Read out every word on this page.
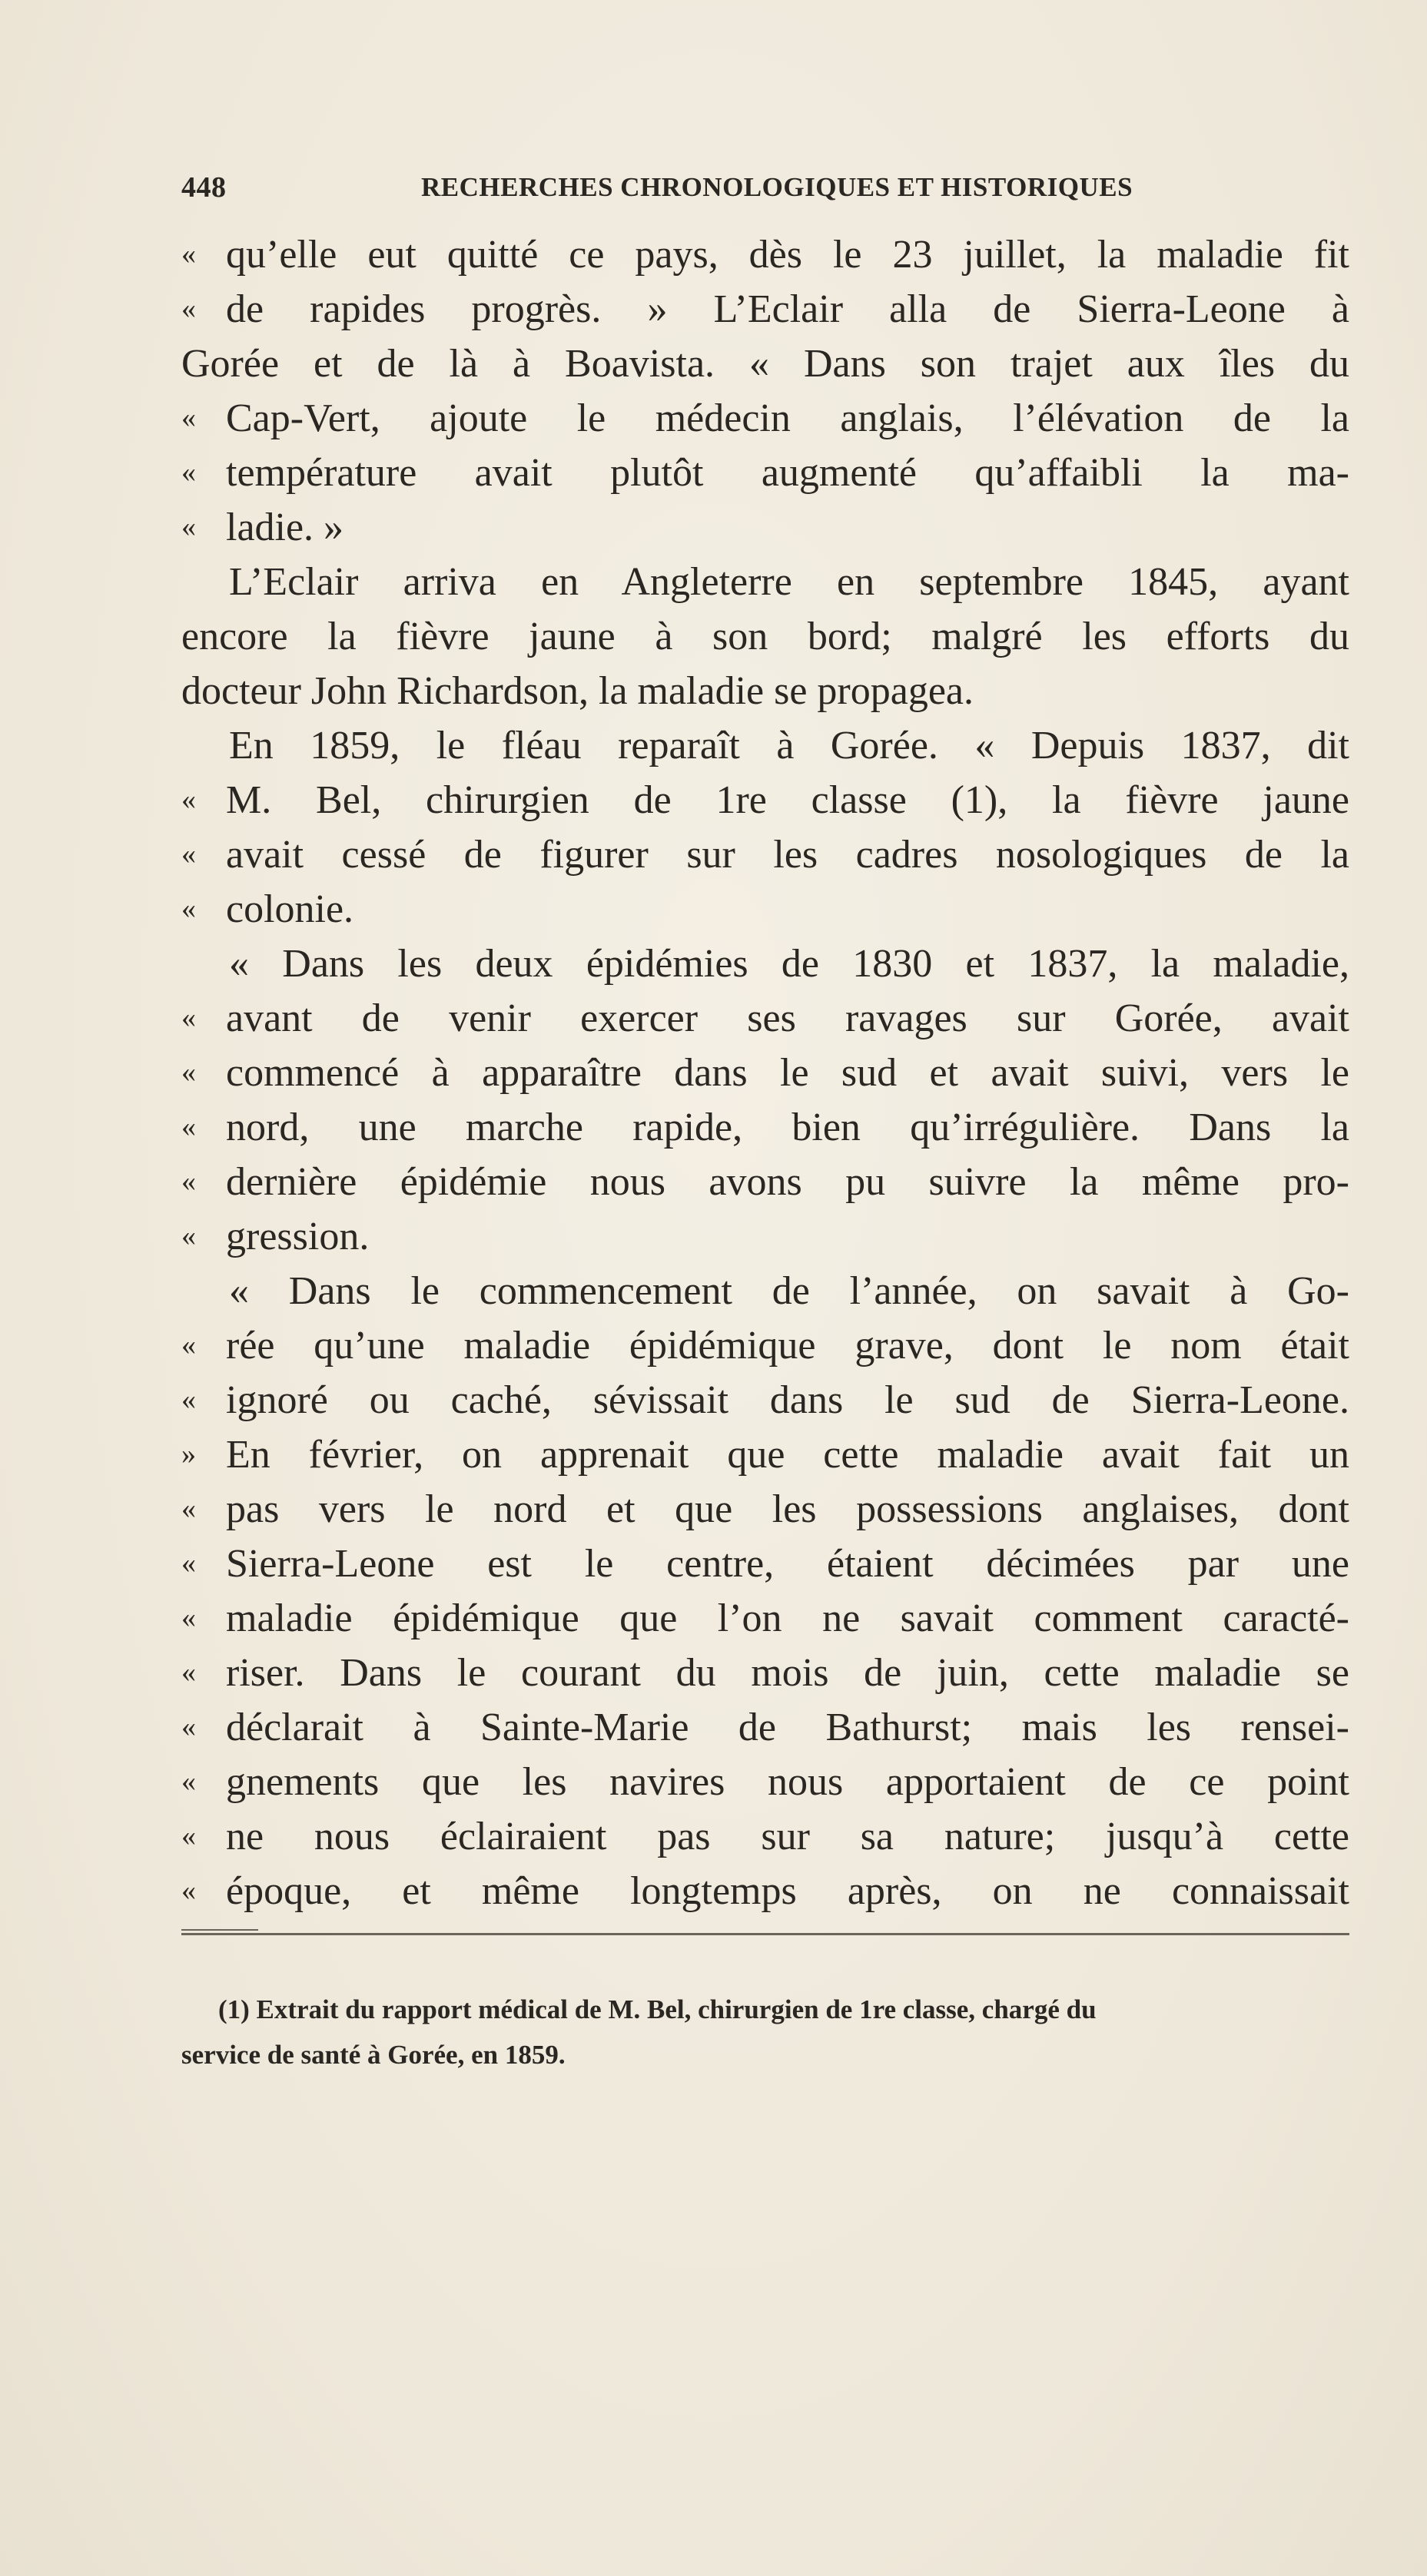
448	RECHERCHES CHRONOLOGIQUES ET HISTORIQUES
« qu’elle eut quitté ce pays, dès le 23 juillet, la maladie fit
« de rapides progrès. » L’Eclair alla de Sierra-Leone à
Gorée et de là à Boavista. « Dans son trajet aux îles du
« Cap-Vert, ajoute le médecin anglais, l’élévation de la
« température avait plutôt augmenté qu’affaibli la ma-
« ladie. »
L’Eclair arriva en Angleterre en septembre 1845, ayant
encore la fièvre jaune à son bord; malgré les efforts du
docteur John Richardson, la maladie se propagea.
En 1859, le fléau reparaît à Gorée. « Depuis 1837, dit
« M. Bel, chirurgien de 1re classe (1), la fièvre jaune
« avait cessé de figurer sur les cadres nosologiques de la
« colonie.
« Dans les deux épidémies de 1830 et 1837, la maladie,
« avant de venir exercer ses ravages sur Gorée, avait
« commencé à apparaître dans le sud et avait suivi, vers le
« nord, une marche rapide, bien qu’irrégulière. Dans la
« dernière épidémie nous avons pu suivre la même pro-
« gression.
« Dans le commencement de l’année, on savait à Go-
« rée qu’une maladie épidémique grave, dont le nom était
« ignoré ou caché, sévissait dans le sud de Sierra-Leone.
» En février, on apprenait que cette maladie avait fait un
« pas vers le nord et que les possessions anglaises, dont
« Sierra-Leone est le centre, étaient décimées par une
« maladie épidémique que l’on ne savait comment caracté-
« riser. Dans le courant du mois de juin, cette maladie se
« déclarait à Sainte-Marie de Bathurst; mais les rensei-
« gnements que les navires nous apportaient de ce point
« ne nous éclairaient pas sur sa nature; jusqu’à cette
« époque, et même longtemps après, on ne connaissait
(1) Extrait du rapport médical de M. Bel, chirurgien de 1re classe, chargé du
service de santé à Gorée, en 1859.
